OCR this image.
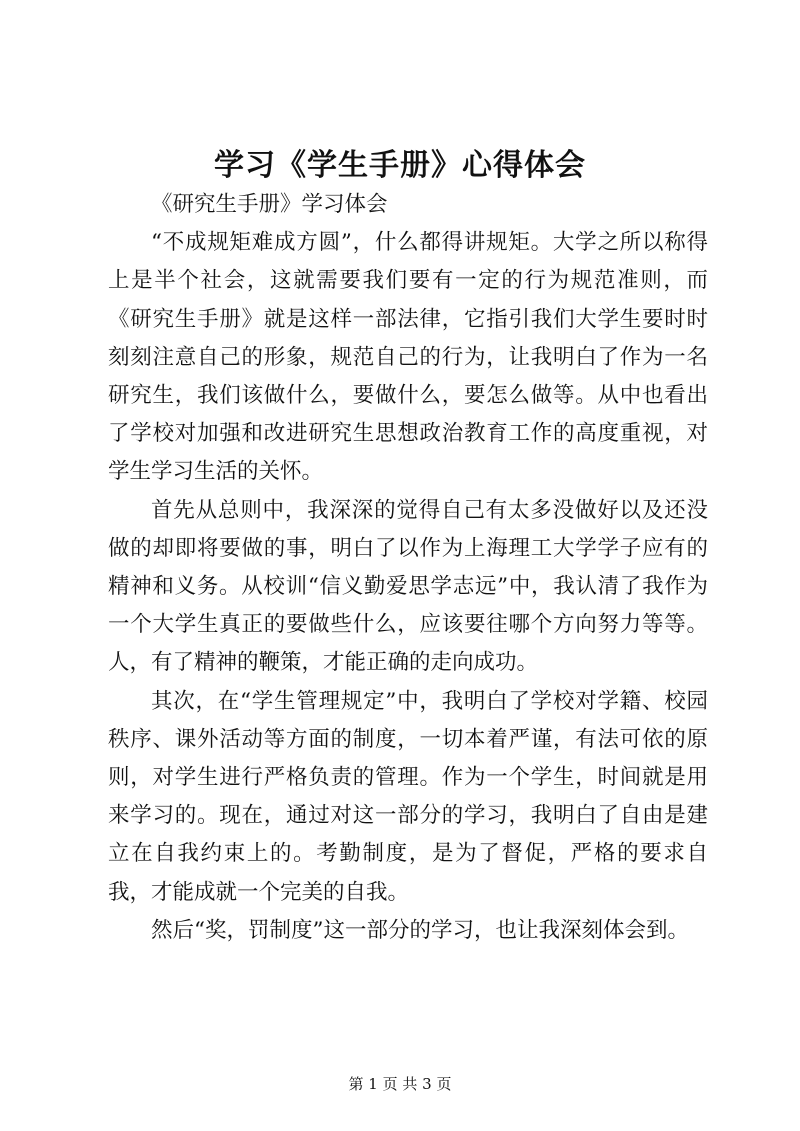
学习《学生手册》心得体会

《研究生手册》学习体会

“不成规矩难成方圆”，什么都得讲规矩。大学之所以称得上是半个社会，这就需要我们要有一定的行为规范准则，而《研究生手册》就是这样一部法律，它指引我们大学生要时时刻刻注意自己的形象，规范自己的行为，让我明白了作为一名研究生，我们该做什么，要做什么，要怎么做等。从中也看出了学校对加强和改进研究生思想政治教育工作的高度重视，对学生学习生活的关怀。

首先从总则中，我深深的觉得自己有太多没做好以及还没做的却即将要做的事，明白了以作为上海理工大学学子应有的精神和义务。从校训“信义勤爱思学志远”中，我认清了我作为一个大学生真正的要做些什么，应该要往哪个方向努力等等。人，有了精神的鞭策，才能正确的走向成功。

其次，在“学生管理规定”中，我明白了学校对学籍、校园秩序、课外活动等方面的制度，一切本着严谨，有法可依的原则，对学生进行严格负责的管理。作为一个学生，时间就是用来学习的。现在，通过对这一部分的学习，我明白了自由是建立在自我约束上的。考勤制度，是为了督促，严格的要求自我，才能成就一个完美的自我。

然后“奖，罚制度”这一部分的学习，也让我深刻体会到。

第 1 页 共 3 页
